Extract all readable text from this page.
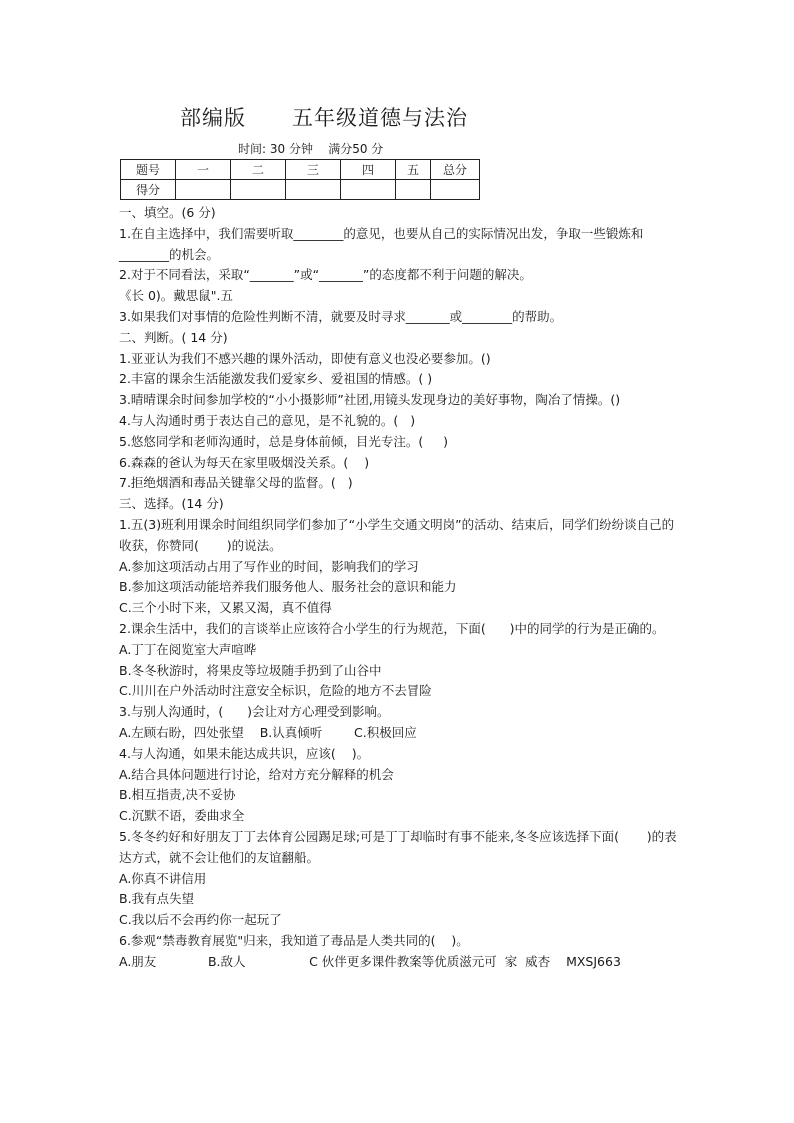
部编版      五年级道德与法治
时间: 30 分钟    满分50 分
题号	一	二	三	四	五	总分
得分						

一、填空。(6 分)

1.在自主选择中，我们需要听取________的意见，也要从自己的实际情况出发，争取一些锻炼和________的机会。

2.对于不同看法，采取“_______”或“_______”的态度都不利于问题的解决。

《长 0)。戴思鼠".五

3.如果我们对事情的危险性判断不清，就要及时寻求_______或________的帮助。

二、判断。( 14 分)

1.亚亚认为我们不感兴趣的课外活动，即使有意义也没必要参加。()

2.丰富的课余生活能激发我们爱家乡、爱祖国的情感。( )

3.晴晴课余时间参加学校的“小小摄影师”社团,用镜头发现身边的美好事物，陶冶了情操。()

4.与人沟通时勇于表达自己的意见，是不礼貌的。(   )

5.悠悠同学和老师沟通时，总是身体前倾，目光专注。(     )

6.森森的爸认为每天在家里吸烟没关系。(    )

7.拒绝烟酒和毒品关键靠父母的监督。(   )

三、选择。(14 分)

1.五(3)班利用课余时间组织同学们参加了“小学生交通文明岗”的活动、结束后，同学们纷纷谈自己的收获，你赞同(       )的说法。

A.参加这项活动占用了写作业的时间，影响我们的学习

B.参加这项活动能培养我们服务他人、服务社会的意识和能力

C.三个小时下来，又累又渴，真不值得

2.课余生活中，我们的言谈举止应该符合小学生的行为规范，下面(      )中的同学的行为是正确的。

A.丁丁在阅览室大声喧哗

B.冬冬秋游时，将果皮等垃圾随手扔到了山谷中

C.川川在户外活动时注意安全标识，危险的地方不去冒险

3.与别人沟通时，(      )会让对方心理受到影响。

A.左顾右盼，四处张望    B.认真倾听        C.积极回应

4.与人沟通，如果未能达成共识，应该(    )。

A.结合具体问题进行讨论，给对方充分解释的机会

B.相互指责,决不妥协

C.沉默不语，委曲求全

5.冬冬约好和好朋友丁丁去体育公园踢足球;可是丁丁却临时有事不能来,冬冬应该选择下面(       )的表达方式，就不会让他们的友谊翻船。

A.你真不讲信用

B.我有点失望

C.我以后不会再约你一起玩了

6.参观“禁毒教育展览"归来，我知道了毒品是人类共同的(    )。

A.朋友             B.敌人                C 伙伴更多课件教案等优质滋元可  家  威杏    MXSJ663
